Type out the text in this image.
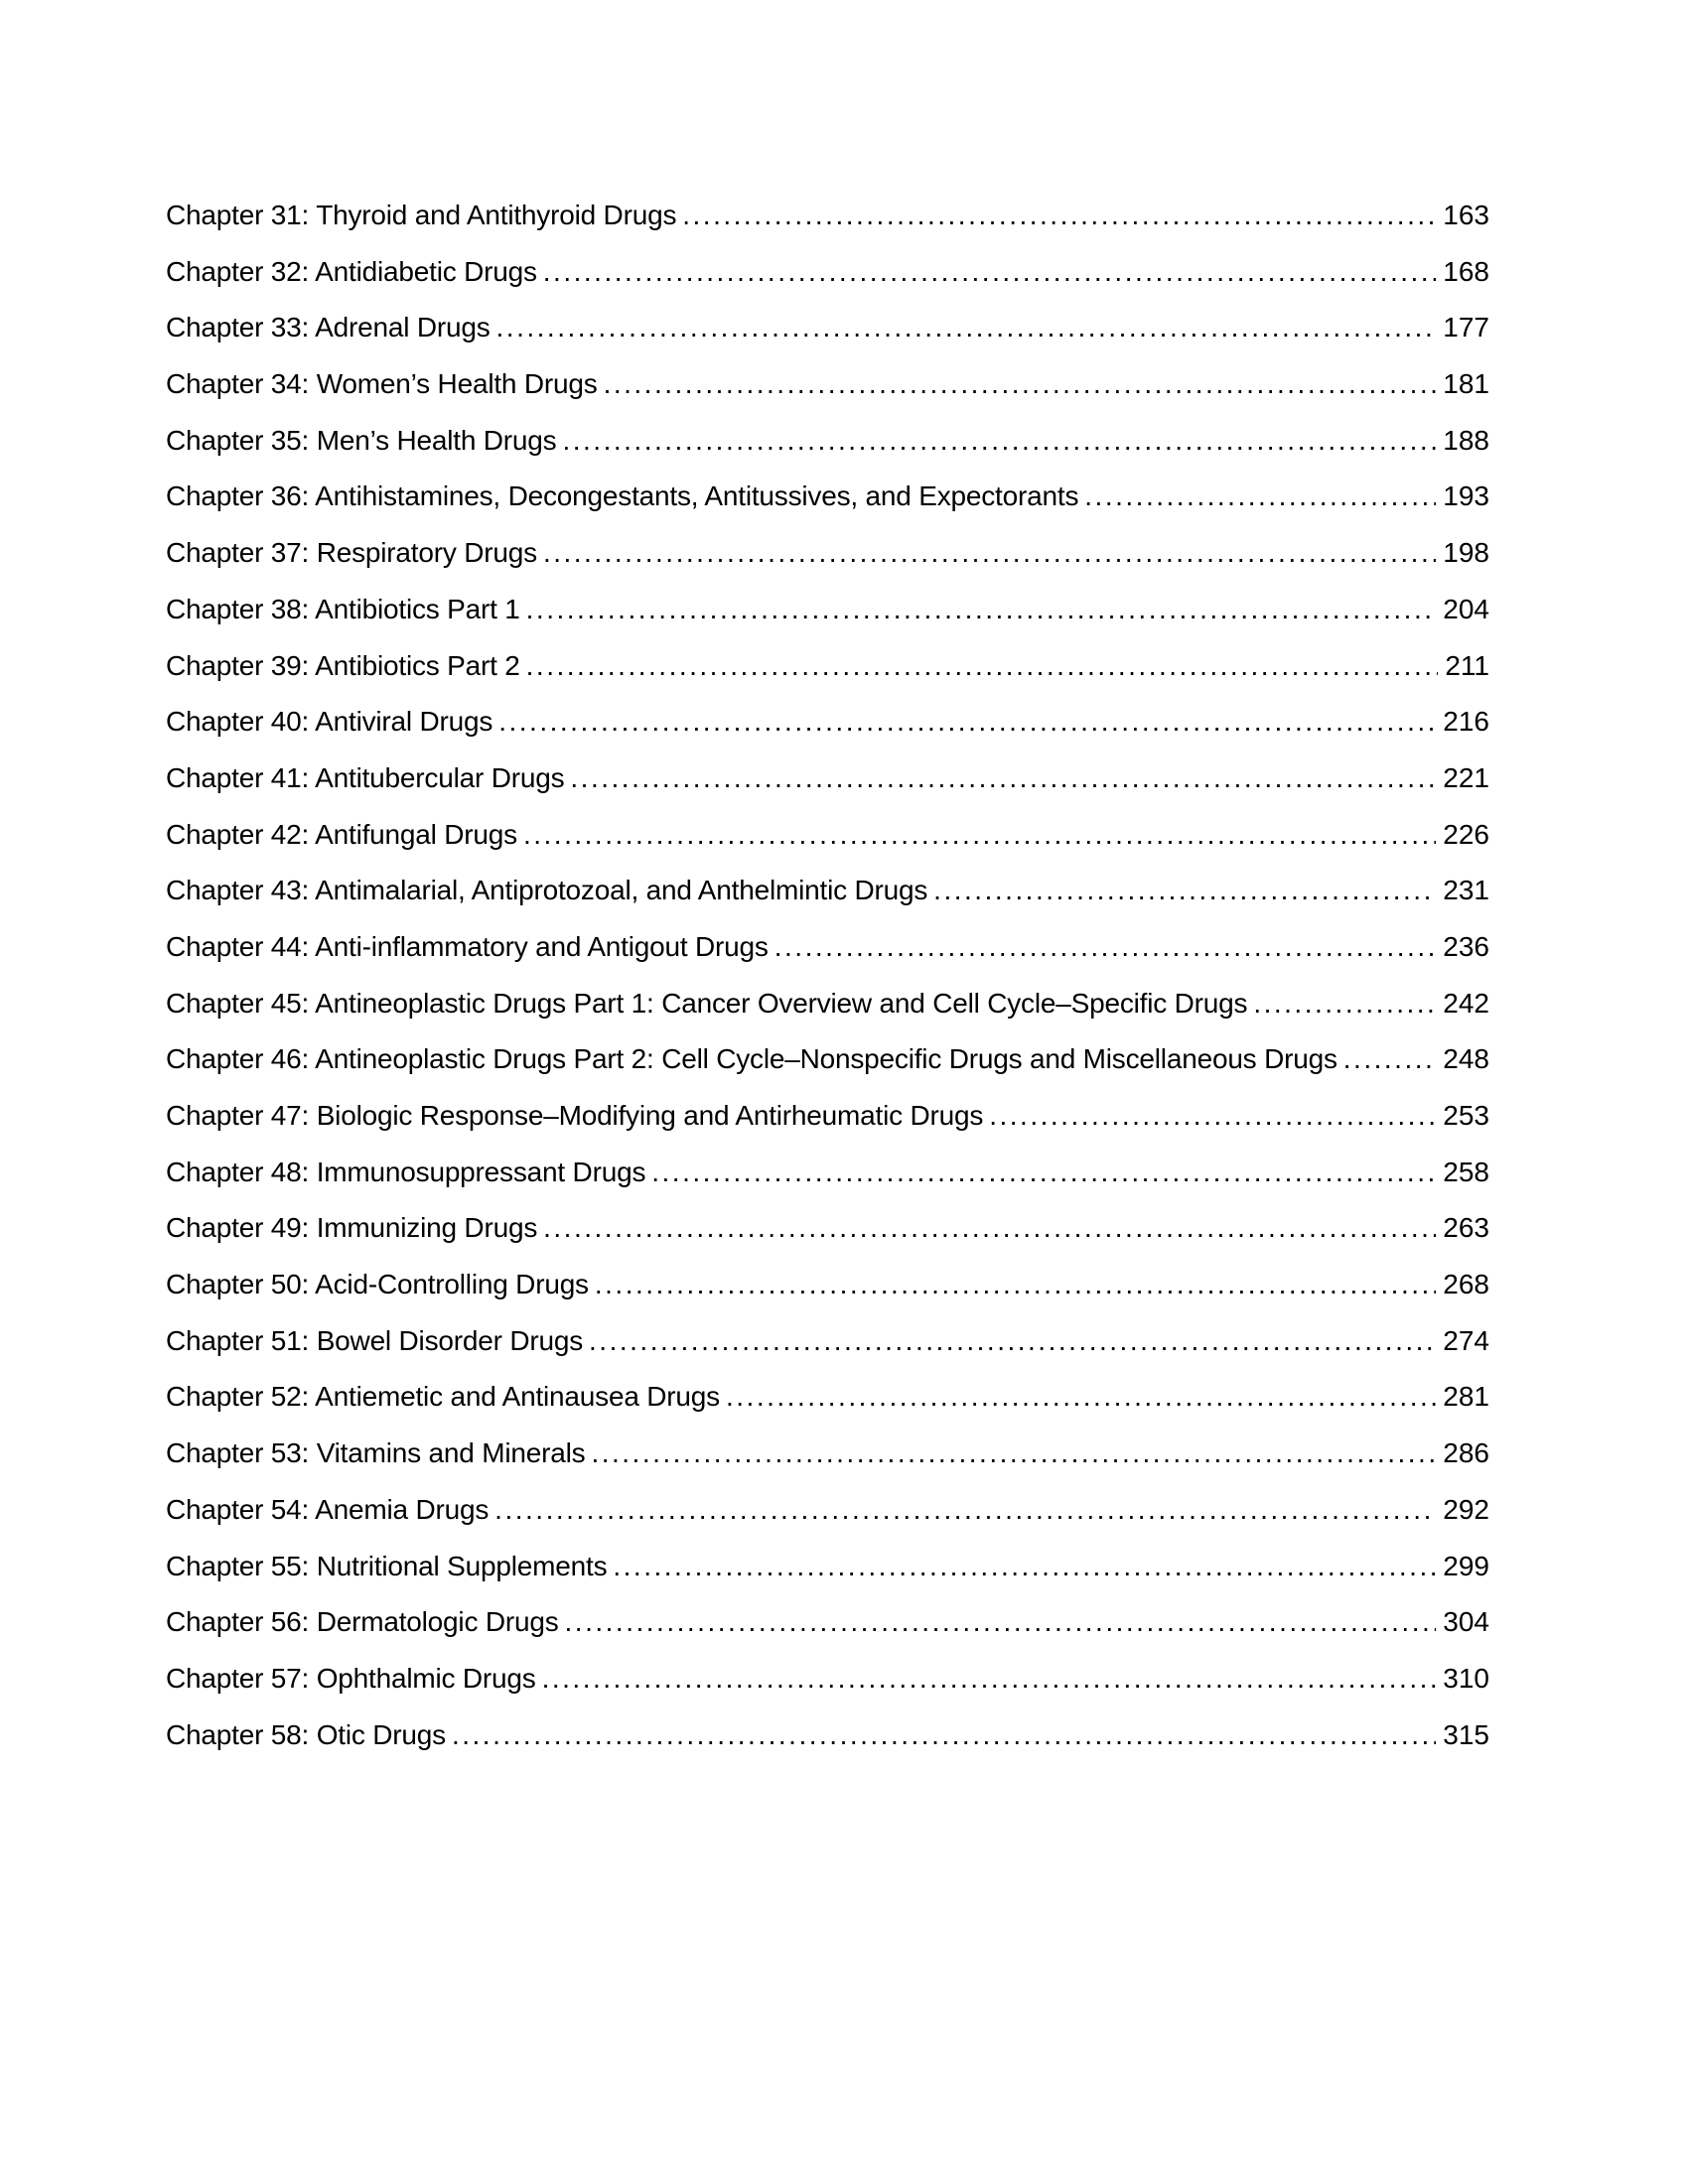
Chapter 31: Thyroid and Antithyroid Drugs .....	163
Chapter 32: Antidiabetic Drugs .....	168
Chapter 33: Adrenal Drugs .....	177
Chapter 34: Women’s Health Drugs .....	181
Chapter 35: Men’s Health Drugs .....	188
Chapter 36: Antihistamines, Decongestants, Antitussives, and Expectorants .....	193
Chapter 37: Respiratory Drugs .....	198
Chapter 38: Antibiotics Part 1 .....	204
Chapter 39: Antibiotics Part 2 .....	211
Chapter 40: Antiviral Drugs .....	216
Chapter 41: Antitubercular Drugs .....	221
Chapter 42: Antifungal Drugs .....	226
Chapter 43: Antimalarial, Antiprotozoal, and Anthelmintic Drugs .....	231
Chapter 44: Anti-inflammatory and Antigout Drugs .....	236
Chapter 45: Antineoplastic Drugs Part 1: Cancer Overview and Cell Cycle–Specific Drugs .....	242
Chapter 46: Antineoplastic Drugs Part 2: Cell Cycle–Nonspecific Drugs and Miscellaneous Drugs .....	248
Chapter 47: Biologic Response–Modifying and Antirheumatic Drugs .....	253
Chapter 48: Immunosuppressant Drugs .....	258
Chapter 49: Immunizing Drugs .....	263
Chapter 50: Acid-Controlling Drugs .....	268
Chapter 51: Bowel Disorder Drugs .....	274
Chapter 52: Antiemetic and Antinausea Drugs .....	281
Chapter 53: Vitamins and Minerals .....	286
Chapter 54: Anemia Drugs .....	292
Chapter 55: Nutritional Supplements .....	299
Chapter 56: Dermatologic Drugs .....	304
Chapter 57: Ophthalmic Drugs .....	310
Chapter 58: Otic Drugs .....	315
